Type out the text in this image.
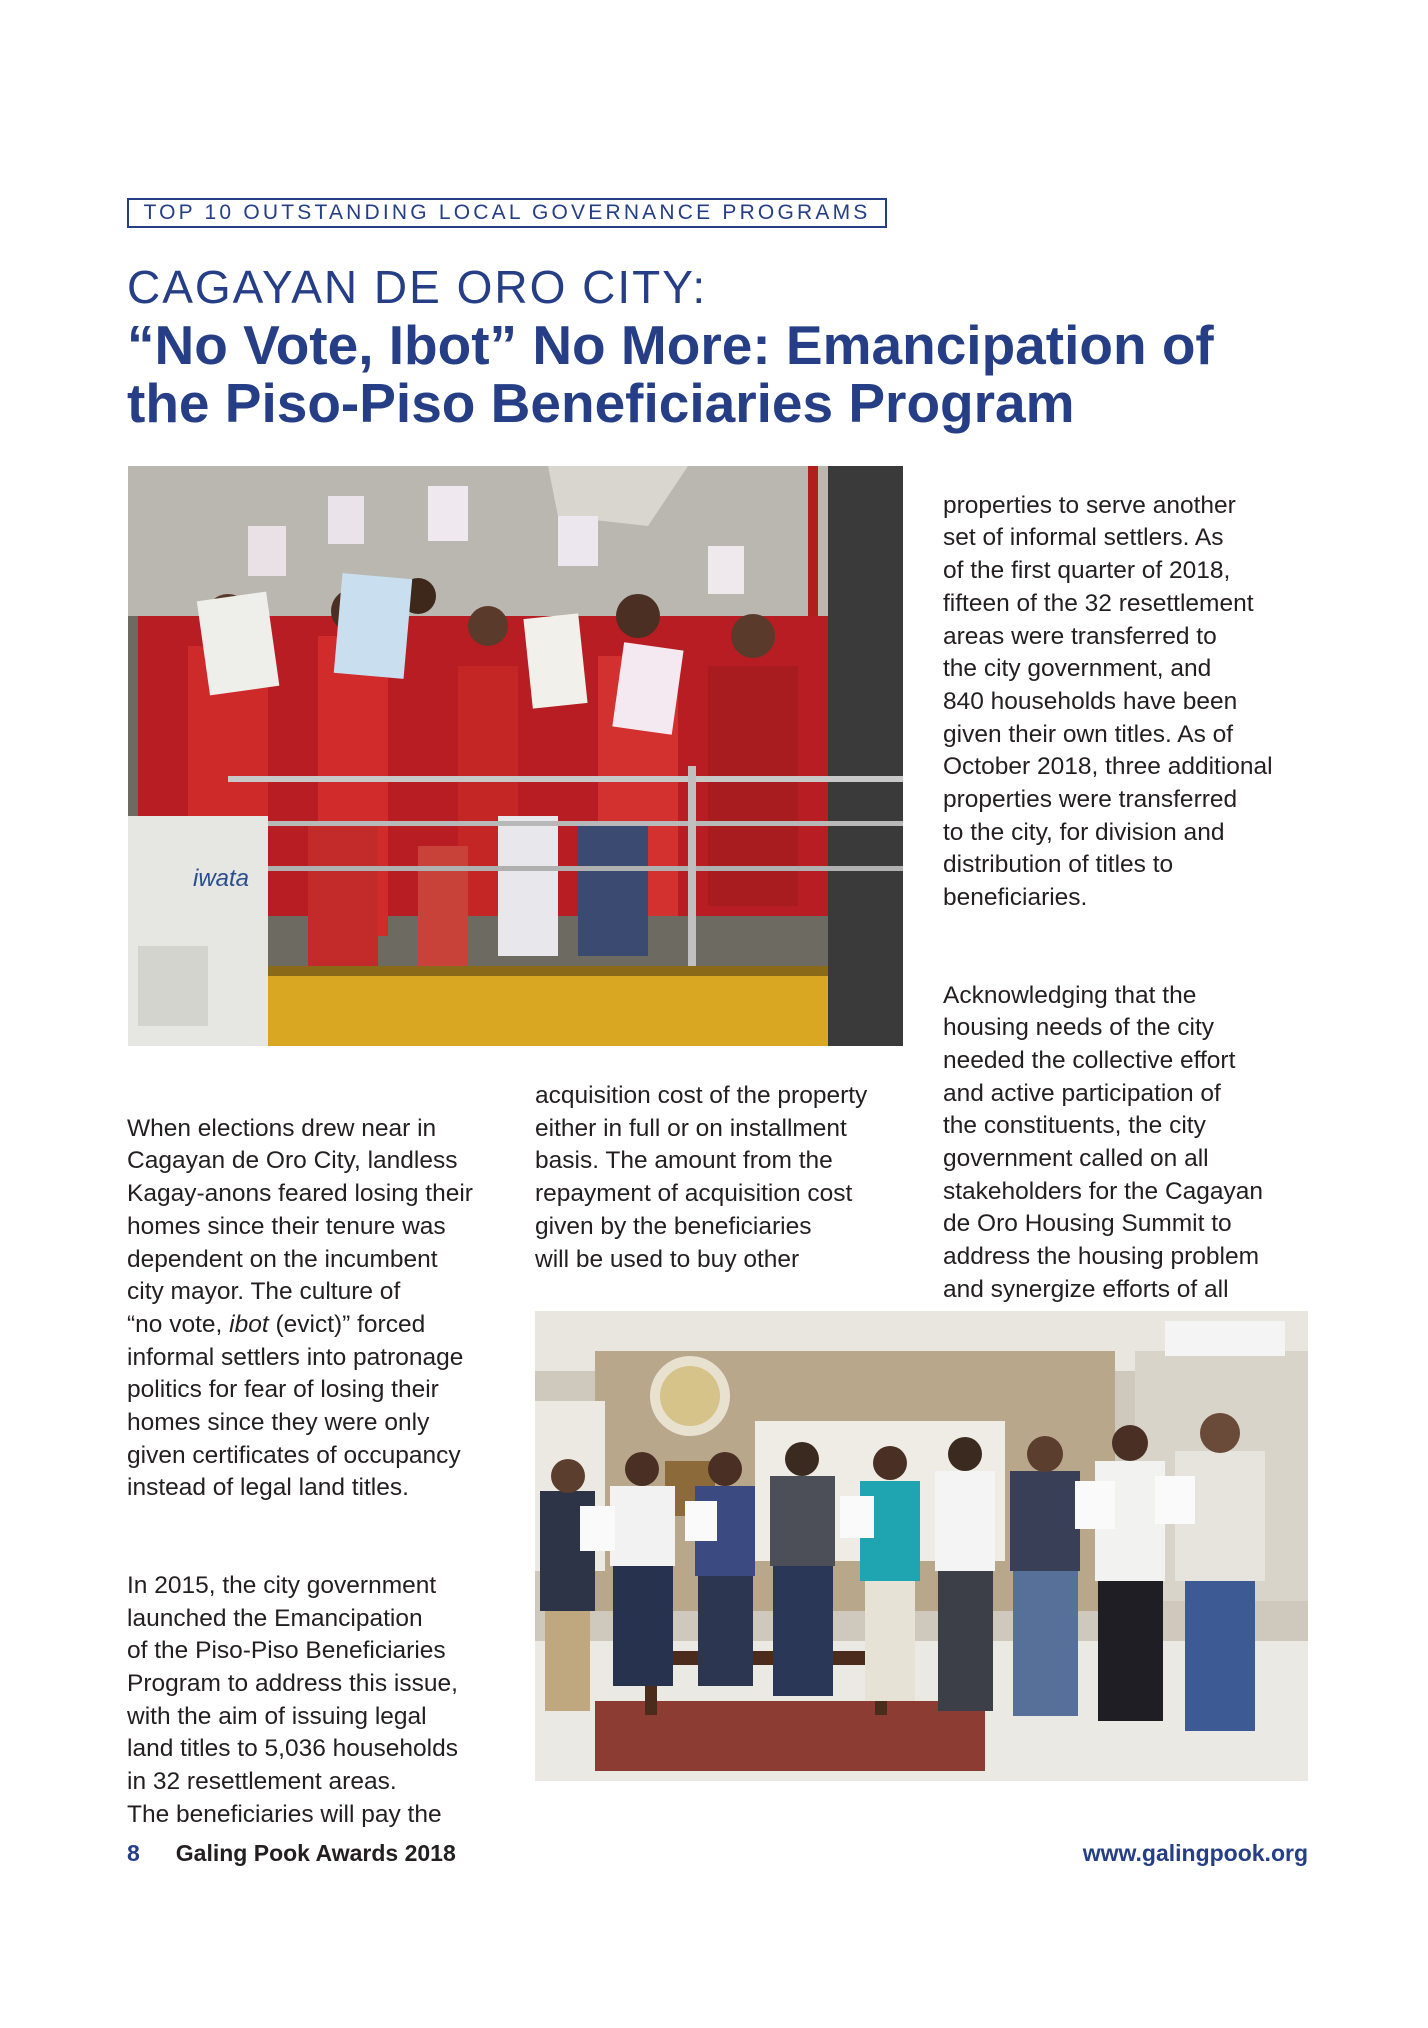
TOP 10 OUTSTANDING LOCAL GOVERNANCE PROGRAMS
CAGAYAN DE ORO CITY:
“No Vote, Ibot” No More: Emancipation of the Piso-Piso Beneficiaries Program
iwata

When elections drew near in
Cagayan de Oro City, landless
Kagay-anons feared losing their
homes since their tenure was
dependent on the incumbent
city mayor. The culture of
“no vote, ibot (evict)” forced
informal settlers into patronage
politics for fear of losing their
homes since they were only
given certificates of occupancy
instead of legal land titles.

In 2015, the city government
launched the Emancipation
of the Piso-Piso Beneficiaries
Program to address this issue,
with the aim of issuing legal
land titles to 5,036 households
in 32 resettlement areas.
The beneficiaries will pay the

acquisition cost of the property
either in full or on installment
basis. The amount from the
repayment of acquisition cost
given by the beneficiaries
will be used to buy other

properties to serve another
set of informal settlers. As
of the first quarter of 2018,
fifteen of the 32 resettlement
areas were transferred to
the city government, and
840 households have been
given their own titles. As of
October 2018, three additional
properties were transferred
to the city, for division and
distribution of titles to
beneficiaries.

Acknowledging that the
housing needs of the city
needed the collective effort
and active participation of
the constituents, the city
government called on all
stakeholders for the Cagayan
de Oro Housing Summit to
address the housing problem
and synergize efforts of all

8 Galing Pook Awards 2018	www.galingpook.org
